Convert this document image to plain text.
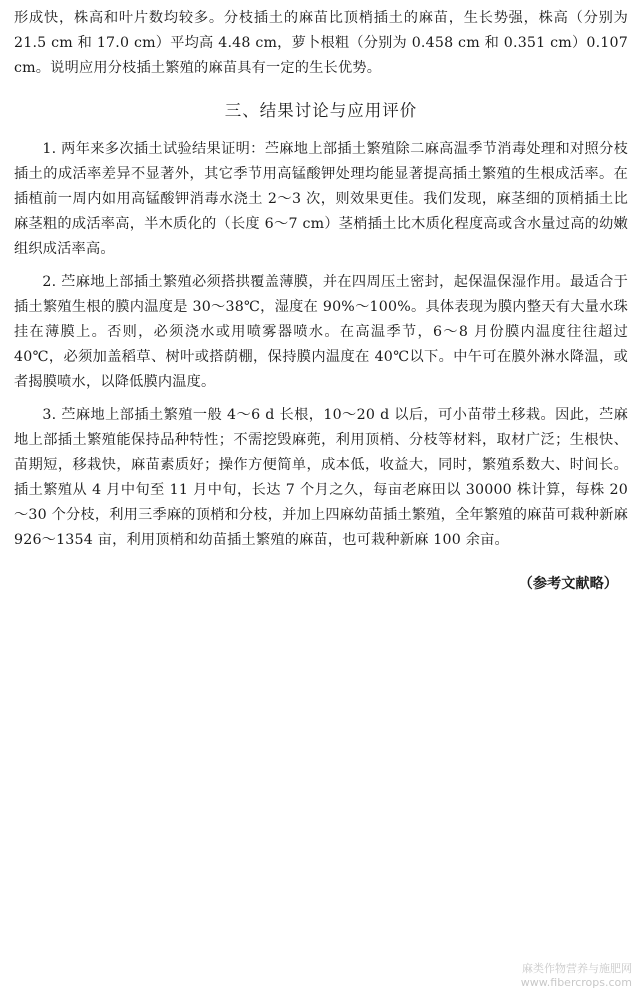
形成快，株高和叶片数均较多。分枝插土的麻苗比顶梢插土的麻苗，生长势强，株高（分别为 21.5 cm 和 17.0 cm）平均高 4.48 cm，萝卜根粗（分别为 0.458 cm 和 0.351 cm）0.107 cm。说明应用分枝插土繁殖的麻苗具有一定的生长优势。

三、结果讨论与应用评价

1. 两年来多次插土试验结果证明：苎麻地上部插土繁殖除二麻高温季节消毒处理和对照分枝插土的成活率差异不显著外，其它季节用高锰酸钾处理均能显著提高插土繁殖的生根成活率。在插植前一周内如用高锰酸钾消毒水浇土 2～3 次，则效果更佳。我们发现，麻茎细的顶梢插土比麻茎粗的成活率高，半木质化的（长度 6～7 cm）茎梢插土比木质化程度高或含水量过高的幼嫩组织成活率高。

2. 苎麻地上部插土繁殖必须搭拱覆盖薄膜，并在四周压土密封，起保温保湿作用。最适合于插土繁殖生根的膜内温度是 30～38℃，湿度在 90%～100%。具体表现为膜内整天有大量水珠挂在薄膜上。否则，必须浇水或用喷雾器喷水。在高温季节，6～8 月份膜内温度往往超过 40℃，必须加盖稻草、树叶或搭荫棚，保持膜内温度在 40℃以下。中午可在膜外淋水降温，或者揭膜喷水，以降低膜内温度。

3. 苎麻地上部插土繁殖一般 4～6 d 长根，10～20 d 以后，可小苗带土移栽。因此，苎麻地上部插土繁殖能保持品种特性；不需挖毁麻蔸，利用顶梢、分枝等材料，取材广泛；生根快、苗期短，移栽快，麻苗素质好；操作方便简单，成本低，收益大，同时，繁殖系数大、时间长。插土繁殖从 4 月中旬至 11 月中旬，长达 7 个月之久，每亩老麻田以 30000 株计算，每株 20～30 个分枝，利用三季麻的顶梢和分枝，并加上四麻幼苗插土繁殖，全年繁殖的麻苗可栽种新麻 926～1354 亩，利用顶梢和幼苗插土繁殖的麻苗，也可栽种新麻 100 余亩。

（参考文献略）
麻类作物营养与施肥网
www.fibercrops.com
